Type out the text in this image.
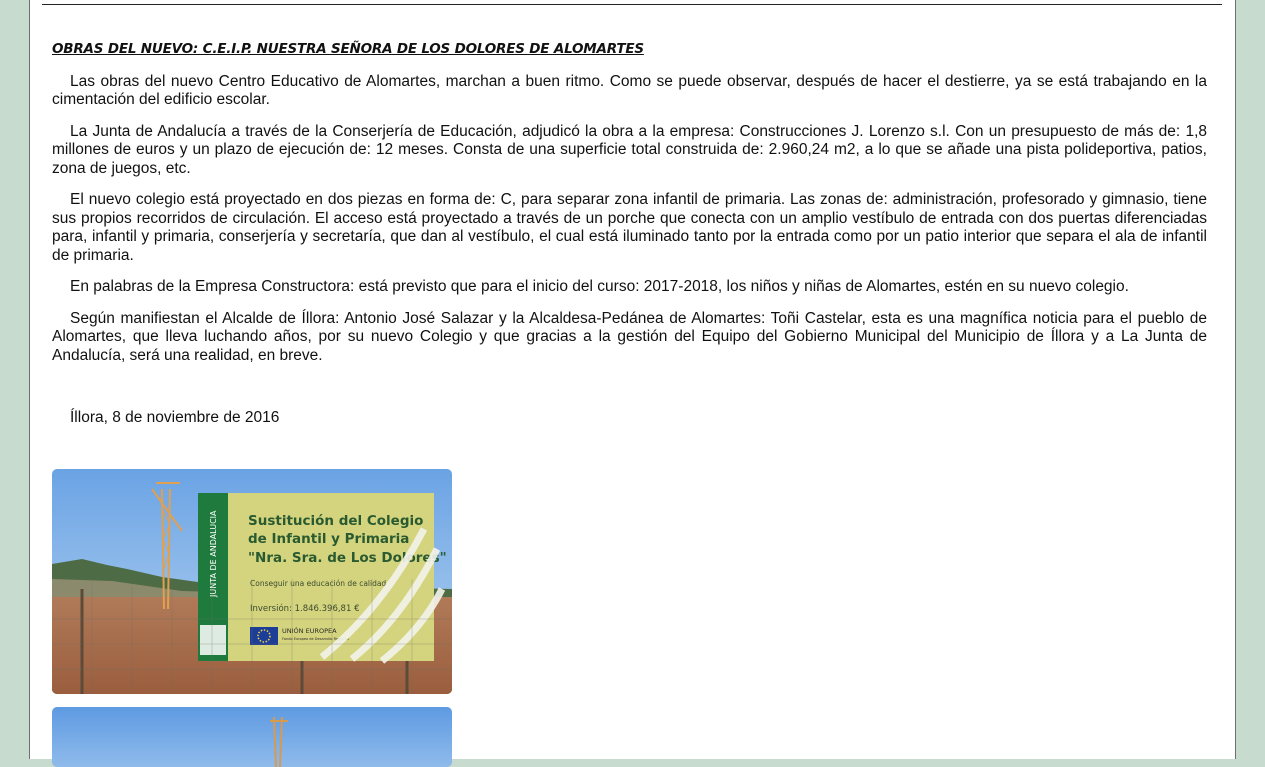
OBRAS DEL NUEVO: C.E.I.P. NUESTRA SEÑORA DE LOS DOLORES DE ALOMARTES

Las obras del nuevo Centro Educativo de Alomartes, marchan a buen ritmo. Como se puede observar, después de hacer el destierre, ya se está trabajando en la cimentación del edificio escolar.

La Junta de Andalucía a través de la Conserjería de Educación, adjudicó la obra a la empresa: Construcciones J. Lorenzo s.l. Con un presupuesto de más de: 1,8 millones de euros y un plazo de ejecución de: 12 meses. Consta de una superficie total construida de: 2.960,24 m2, a lo que se añade una pista polideportiva, patios, zona de juegos, etc.

El nuevo colegio está proyectado en dos piezas en forma de: C, para separar zona infantil de primaria. Las zonas de: administración, profesorado y gimnasio, tiene sus propios recorridos de circulación. El acceso está proyectado a través de un porche que conecta con un amplio vestíbulo de entrada con dos puertas diferenciadas para, infantil y primaria, conserjería y secretaría, que dan al vestíbulo, el cual está iluminado tanto por la entrada como por un patio interior que separa el ala de infantil de primaria.

En palabras de la Empresa Constructora: está previsto que para el inicio del curso: 2017-2018, los niños y niñas de Alomartes, estén en su nuevo colegio.

Según manifiestan el Alcalde de Íllora: Antonio José Salazar y la Alcaldesa-Pedánea de Alomartes: Toñi Castelar, esta es una magnífica noticia para el pueblo de Alomartes, que lleva luchando años, por su nuevo Colegio y que gracias a la gestión del Equipo del Gobierno Municipal del Municipio de Íllora y a La Junta de Andalucía, será una realidad, en breve.

Íllora, 8 de noviembre de 2016

JUNTA DE ANDALUCIA Sustitución del Colegio
de Infantil y Primaria
"Nra. Sra. de Los Dolores"
Conseguir una educación de calidad
Inversión: 1.846.396,81 €
UNIÓN EUROPEA
Fondo Europeo de Desarrollo Regional
